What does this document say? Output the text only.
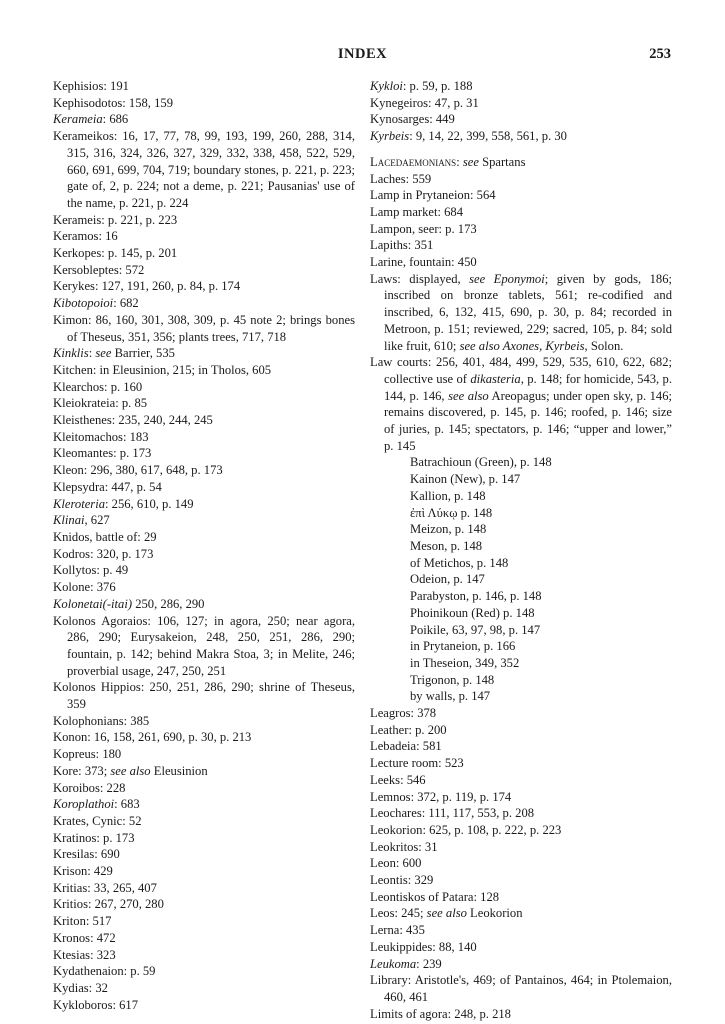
INDEX	253
Kephisios: 191
Kephisodotos: 158, 159
Kerameia: 686
Kerameikos: 16, 17, 77, 78, 99, 193, 199, 260, 288, 314, 315, 316, 324, 326, 327, 329, 332, 338, 458, 522, 529, 660, 691, 699, 704, 719; boundary stones, p. 221, p. 223; gate of, 2, p. 224; not a deme, p. 221; Pausanias' use of the name, p. 221, p. 224
Kerameis: p. 221, p. 223
Keramos: 16
Kerkopes: p. 145, p. 201
Kersobleptes: 572
Kerykes: 127, 191, 260, p. 84, p. 174
Kibotopoioi: 682
Kimon: 86, 160, 301, 308, 309, p. 45 note 2; brings bones of Theseus, 351, 356; plants trees, 717, 718
Kinklis: see Barrier, 535
Kitchen: in Eleusinion, 215; in Tholos, 605
Klearchos: p. 160
Kleiokrateia: p. 85
Kleisthenes: 235, 240, 244, 245
Kleitomachos: 183
Kleomantes: p. 173
Kleon: 296, 380, 617, 648, p. 173
Klepsydra: 447, p. 54
Kleroteria: 256, 610, p. 149
Klinai, 627
Knidos, battle of: 29
Kodros: 320, p. 173
Kollytos: p. 49
Kolone: 376
Kolonetai(-itai) 250, 286, 290
Kolonos Agoraios: 106, 127; in agora, 250; near agora, 286, 290; Eurysakeion, 248, 250, 251, 286, 290; fountain, p. 142; behind Makra Stoa, 3; in Melite, 246; proverbial usage, 247, 250, 251
Kolonos Hippios: 250, 251, 286, 290; shrine of Theseus, 359
Kolophonians: 385
Konon: 16, 158, 261, 690, p. 30, p. 213
Kopreus: 180
Kore: 373; see also Eleusinion
Koroibos: 228
Koroplathoi: 683
Krates, Cynic: 52
Kratinos: p. 173
Kresilas: 690
Krison: 429
Kritias: 33, 265, 407
Kritios: 267, 270, 280
Kriton: 517
Kronos: 472
Ktesias: 323
Kydathenaion: p. 59
Kydias: 32
Kykloboros: 617
Kykloi: p. 59, p. 188
Kynegeiros: 47, p. 31
Kynosarges: 449
Kyrbeis: 9, 14, 22, 399, 558, 561, p. 30
Lacedaemonians: see Spartans
Laches: 559
Lamp in Prytaneion: 564
Lamp market: 684
Lampon, seer: p. 173
Lapiths: 351
Larine, fountain: 450
Laws: displayed, see Eponymoi; given by gods, 186; inscribed on bronze tablets, 561; re-codified and inscribed, 6, 132, 415, 690, p. 30, p. 84; recorded in Metroon, p. 151; reviewed, 229; sacred, 105, p. 84; sold like fruit, 610; see also Axones, Kyrbeis, Solon.
Law courts: 256, 401, 484, 499, 529, 535, 610, 622, 682; collective use of dikasteria, p. 148; for homicide, 543, p. 144, p. 146, see also Areopagus; under open sky, p. 146; remains discovered, p. 145, p. 146; roofed, p. 146; size of juries, p. 145; spectators, p. 146; “upper and lower,” p. 145
Batrachioun (Green), p. 148
Kainon (New), p. 147
Kallion, p. 148
ἐπὶ Λύκῳ p. 148
Meizon, p. 148
Meson, p. 148
of Metichos, p. 148
Odeion, p. 147
Parabyston, p. 146, p. 148
Phoinikoun (Red) p. 148
Poikile, 63, 97, 98, p. 147
in Prytaneion, p. 166
in Theseion, 349, 352
Trigonon, p. 148
by walls, p. 147
Leagros: 378
Leather: p. 200
Lebadeia: 581
Lecture room: 523
Leeks: 546
Lemnos: 372, p. 119, p. 174
Leochares: 111, 117, 553, p. 208
Leokorion: 625, p. 108, p. 222, p. 223
Leokritos: 31
Leon: 600
Leontis: 329
Leontiskos of Patara: 128
Leos: 245; see also Leokorion
Lerna: 435
Leukippides: 88, 140
Leukoma: 239
Library: Aristotle's, 469; of Pantainos, 464; in Ptolemaion, 460, 461
Limits of agora: 248, p. 218
